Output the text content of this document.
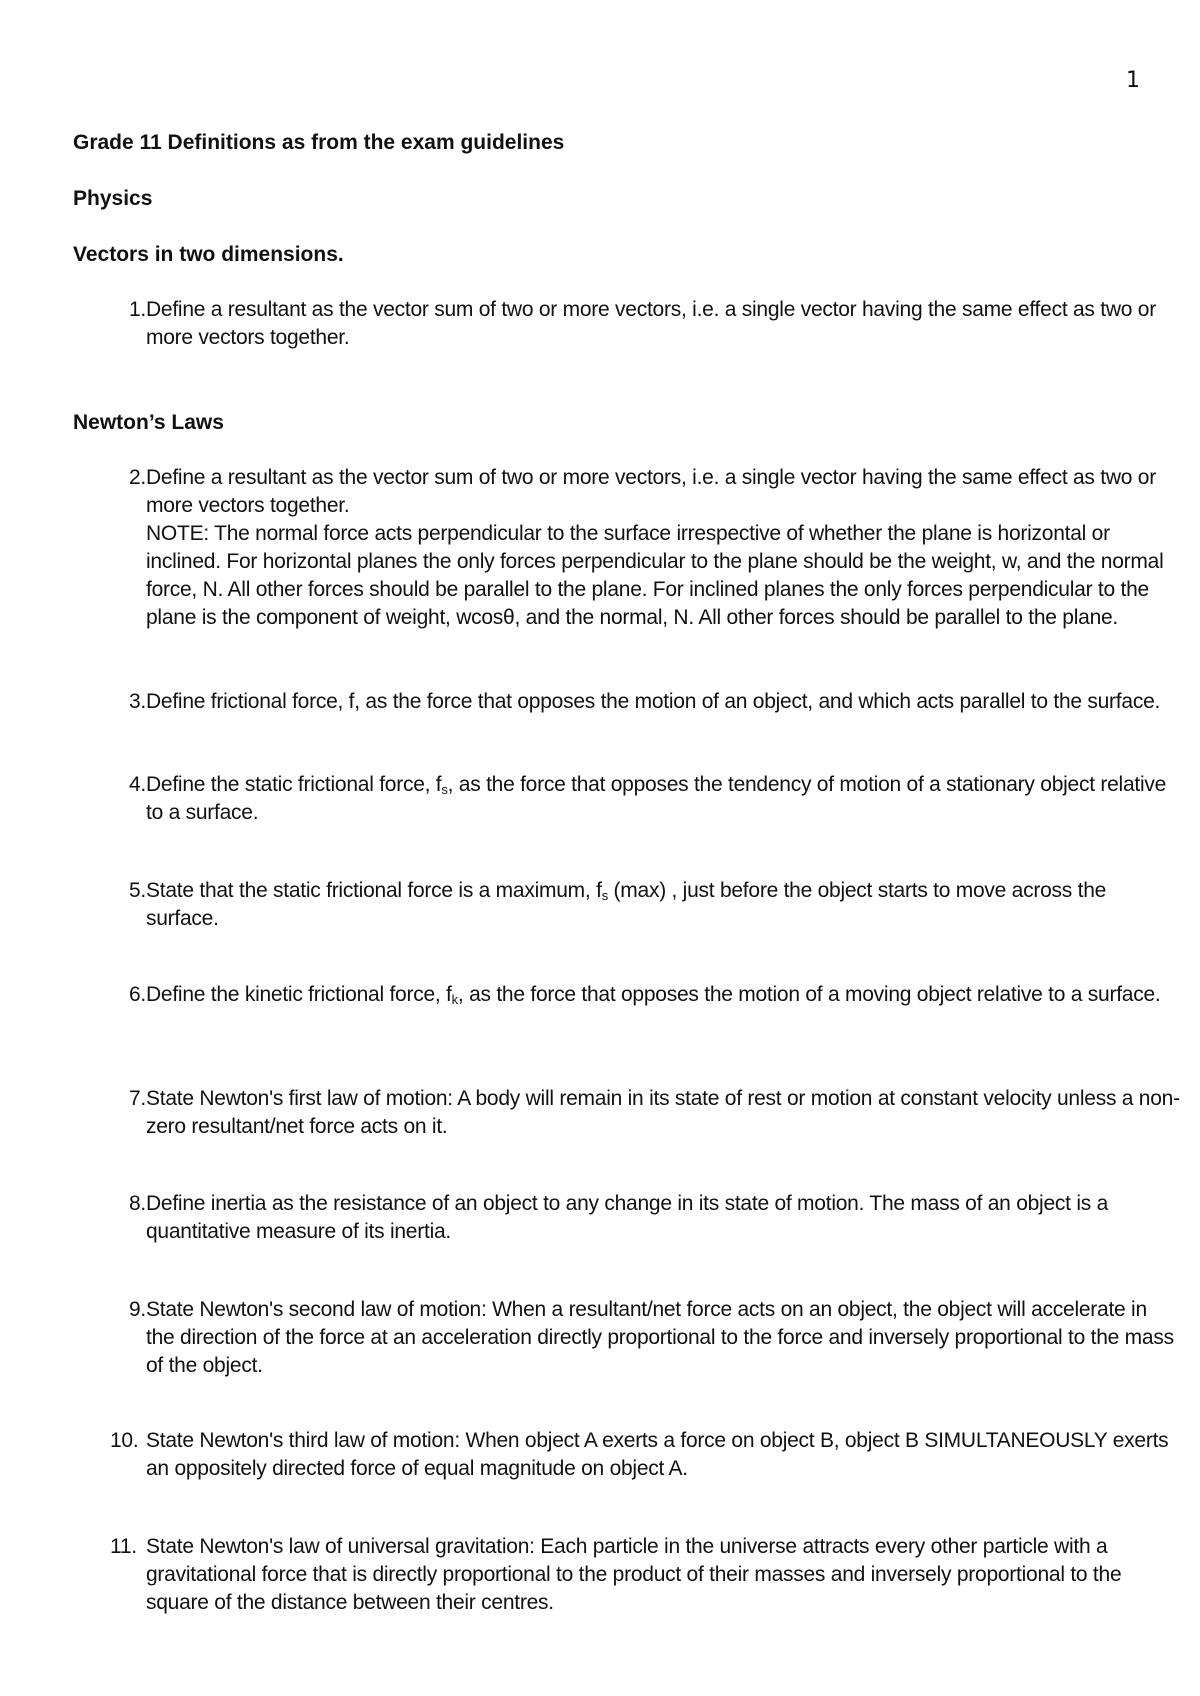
1
Grade 11 Definitions as from the exam guidelines
Physics
Vectors in two dimensions.
1. Define a resultant as the vector sum of two or more vectors, i.e. a single vector having the same effect as two or more vectors together.

Newton’s Laws
2. Define a resultant as the vector sum of two or more vectors, i.e. a single vector having the same effect as two or more vectors together.

NOTE: The normal force acts perpendicular to the surface irrespective of whether the plane is horizontal or inclined. For horizontal planes the only forces perpendicular to the plane should be the weight, w, and the normal force, N. All other forces should be parallel to the plane. For inclined planes the only forces perpendicular to the plane is the component of weight, wcosθ, and the normal, N. All other forces should be parallel to the plane.

3. Define frictional force, f, as the force that opposes the motion of an object, and which acts parallel to the surface.

4. Define the static frictional force, $f_s$, as the force that opposes the tendency of motion of a stationary object relative to a surface.

5. State that the static frictional force is a maximum, $f_s$ (max) , just before the object starts to move across the surface.

6. Define the kinetic frictional force, $f_k$, as the force that opposes the motion of a moving object relative to a surface.

7. State Newton's first law of motion: A body will remain in its state of rest or motion at constant velocity unless a non-zero resultant/net force acts on it.

8. Define inertia as the resistance of an object to any change in its state of motion. The mass of an object is a quantitative measure of its inertia.

9. State Newton's second law of motion: When a resultant/net force acts on an object, the object will accelerate in the direction of the force at an acceleration directly proportional to the force and inversely proportional to the mass of the object.

10. State Newton's third law of motion: When object A exerts a force on object B, object B SIMULTANEOUSLY exerts an oppositely directed force of equal magnitude on object A.

11. State Newton's law of universal gravitation: Each particle in the universe attracts every other particle with a gravitational force that is directly proportional to the product of their masses and inversely proportional to the square of the distance between their centres.
